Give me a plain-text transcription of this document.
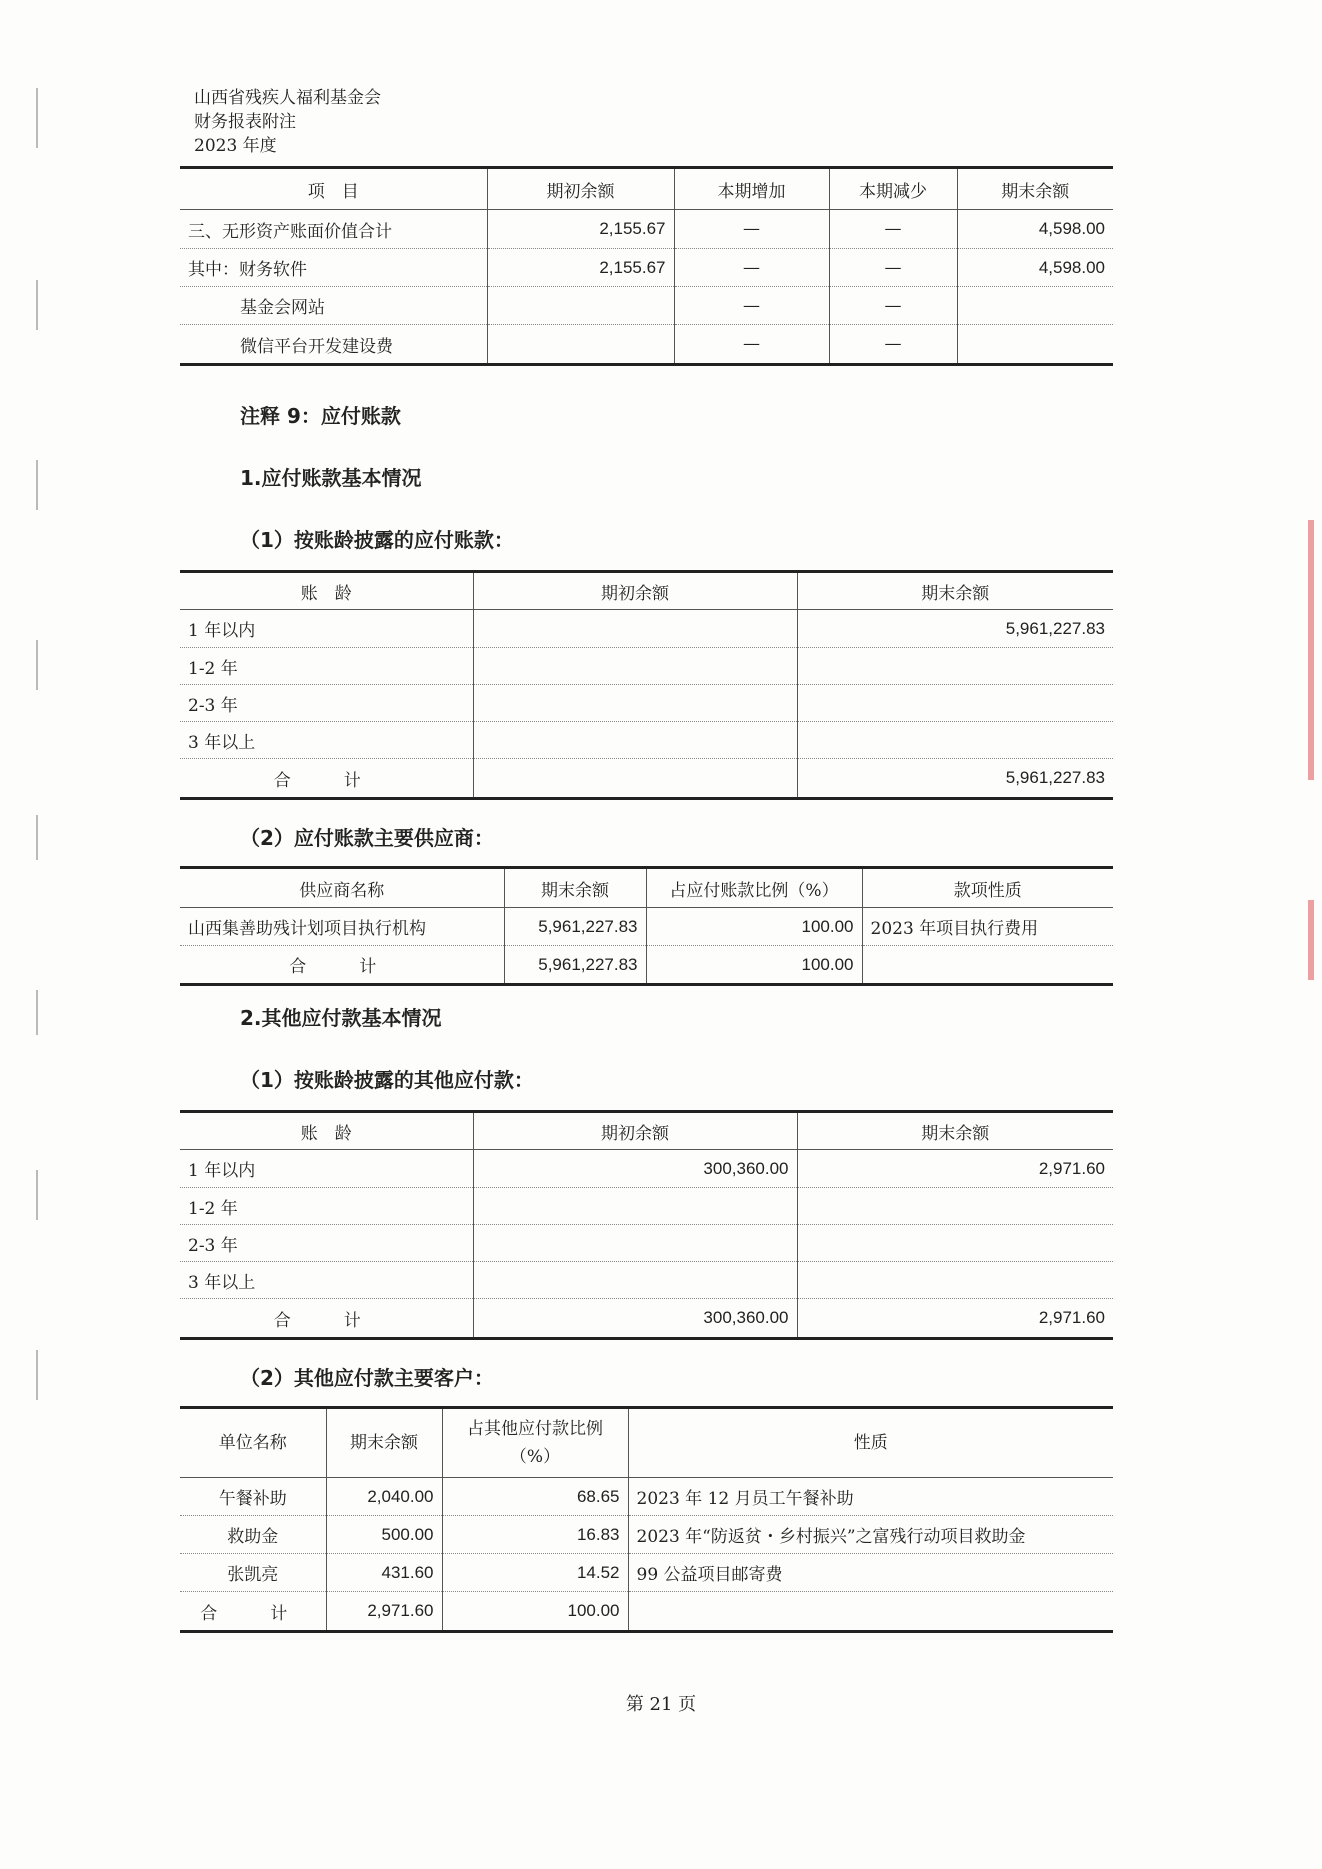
山西省残疾人福利基金会
财务报表附注
2023 年度
项　目	期初余额	本期增加	本期减少	期末余额
三、无形资产账面价值合计	2,155.67	—	—	4,598.00
其中：财务软件	2,155.67	—	—	4,598.00
基金会网站		—	—	
微信平台开发建设费		—	—	
注释 9：应付账款
1.应付账款基本情况
（1）按账龄披露的应付账款：
账　龄	期初余额	期末余额
1 年以内		5,961,227.83
1-2 年		
2-3 年		
3 年以上		
合　计		5,961,227.83
（2）应付账款主要供应商：
供应商名称	期末余额	占应付账款比例（%）	款项性质
山西集善助残计划项目执行机构	5,961,227.83	100.00	2023 年项目执行费用
合　计	5,961,227.83	100.00	
2.其他应付款基本情况
（1）按账龄披露的其他应付款：
账　龄	期初余额	期末余额
1 年以内	300,360.00	2,971.60
1-2 年		
2-3 年		
3 年以上		
合　计	300,360.00	2,971.60
（2）其他应付款主要客户：
单位名称	期末余额	占其他应付款比例
（%）	性质
午餐补助	2,040.00	68.65	2023 年 12 月员工午餐补助
救助金	500.00	16.83	2023 年“防返贫・乡村振兴”之富残行动项目救助金
张凯亮	431.60	14.52	99 公益项目邮寄费
合　计	2,971.60	100.00	
第 21 页
